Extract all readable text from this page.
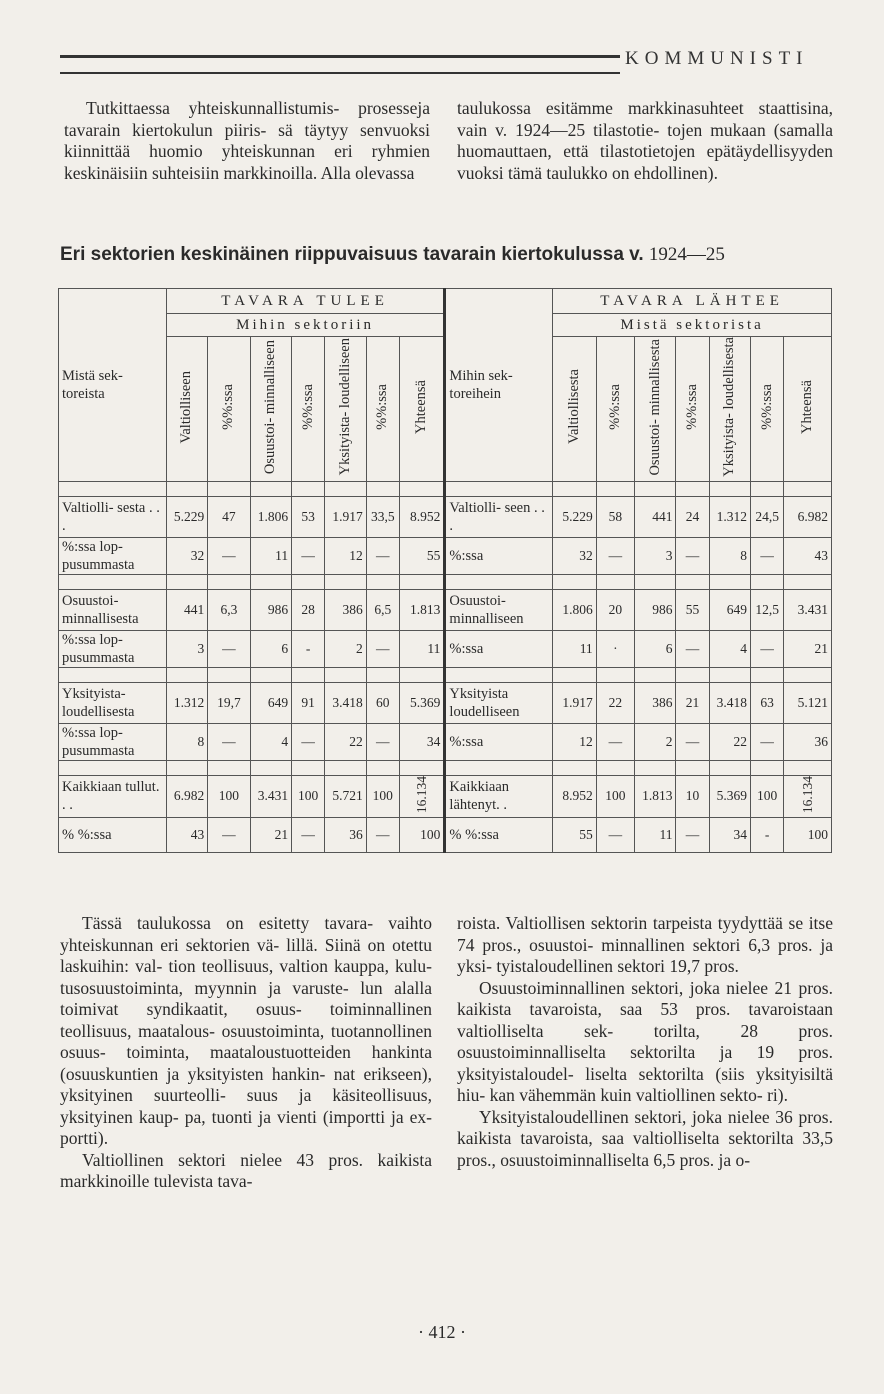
KOMMUNISTI

Tutkittaessa yhteiskunnallistumis- prosesseja tavarain kiertokulun piiris- sä täytyy senvuoksi kiinnittää huomio yhteiskunnan eri ryhmien keskinäisiin suhteisiin markkinoilla. Alla olevassa

taulukossa esitämme markkinasuhteet staattisina, vain v. 1924—25 tilastotie- tojen mukaan (samalla huomauttaen, että tilastotietojen epätäydellisyyden vuoksi tämä taulukko on ehdollinen).

Eri sektorien keskinäinen riippuvaisuus tavarain kiertokulussa v. 1924—25
Mistä sek- toreista	TAVARA TULEE							Mihin sek- toreihein	TAVARA LÄHTEE						
	Mihin sektoriin								Mistä sektorista						
	Valtiolliseen	%%:ssa	Osuustoi- minnalliseen	%%:ssa	Yksityista- loudelliseen	%%:ssa	Yhteensä		Valtiollisesta	%%:ssa	Osuustoi- minnallisesta	%%:ssa	Yksityista- loudellisesta	%%:ssa	Yhteensä

Valtiolli- sesta . . .	5.229	47	1.806	53	1.917	33,5	8.952	Valtiolli- seen . . .	5.229	58	441	24	1.312	24,5	6.982
%:ssa lop- pusummasta	32	—	11	—	12	—	55	%:ssa	32	—	3	—	8	—	43

Osuustoi- minnallisesta	441	6,3	986	28	386	6,5	1.813	Osuustoi- minnalliseen	1.806	20	986	55	649	12,5	3.431
%:ssa lop- pusummasta	3	—	6	-	2	—	11	%:ssa	11	·	6	—	4	—	21

Yksityista- loudellisesta	1.312	19,7	649	91	3.418	60	5.369	Yksityista loudelliseen	1.917	22	386	21	3.418	63	5.121
%:ssa lop- pusummasta	8	—	4	—	22	—	34	%:ssa	12	—	2	—	22	—	36

Kaikkiaan tullut. . .	6.982	100	3.431	100	5.721	100	16.134	Kaikkiaan lähtenyt. .	8.952	100	1.813	10	5.369	100	16.134
% %:ssa	43	—	21	—	36	—	100	% %:ssa	55	—	11	—	34	-	100

Tässä taulukossa on esitetty tavara- vaihto yhteiskunnan eri sektorien vä- lillä. Siinä on otettu laskuihin: val- tion teollisuus, valtion kauppa, kulu- tusosuustoiminta, myynnin ja varuste- lun alalla toimivat syndikaatit, osuus- toiminnallinen teollisuus, maatalous- osuustoiminta, tuotannollinen osuus- toiminta, maataloustuotteiden hankinta (osuuskuntien ja yksityisten hankin- nat erikseen), yksityinen suurteolli- suus ja käsiteollisuus, yksityinen kaup- pa, tuonti ja vienti (importti ja ex- portti).

Valtiollinen sektori nielee 43 pros. kaikista markkinoille tulevista tava-

roista. Valtiollisen sektorin tarpeista tyydyttää se itse 74 pros., osuustoi- minnallinen sektori 6,3 pros. ja yksi- tyistaloudellinen sektori 19,7 pros.

Osuustoiminnallinen sektori, joka nielee 21 pros. kaikista tavaroista, saa 53 pros. tavaroistaan valtiolliselta sek- torilta, 28 pros. osuustoiminnalliselta sektorilta ja 19 pros. yksityistaloudel- liselta sektorilta (siis yksityisiltä hiu- kan vähemmän kuin valtiollinen sekto- ri).

Yksityistaloudellinen sektori, joka nielee 36 pros. kaikista tavaroista, saa valtiolliselta sektorilta 33,5 pros., osuustoiminnalliselta 6,5 pros. ja o-

· 412 ·
